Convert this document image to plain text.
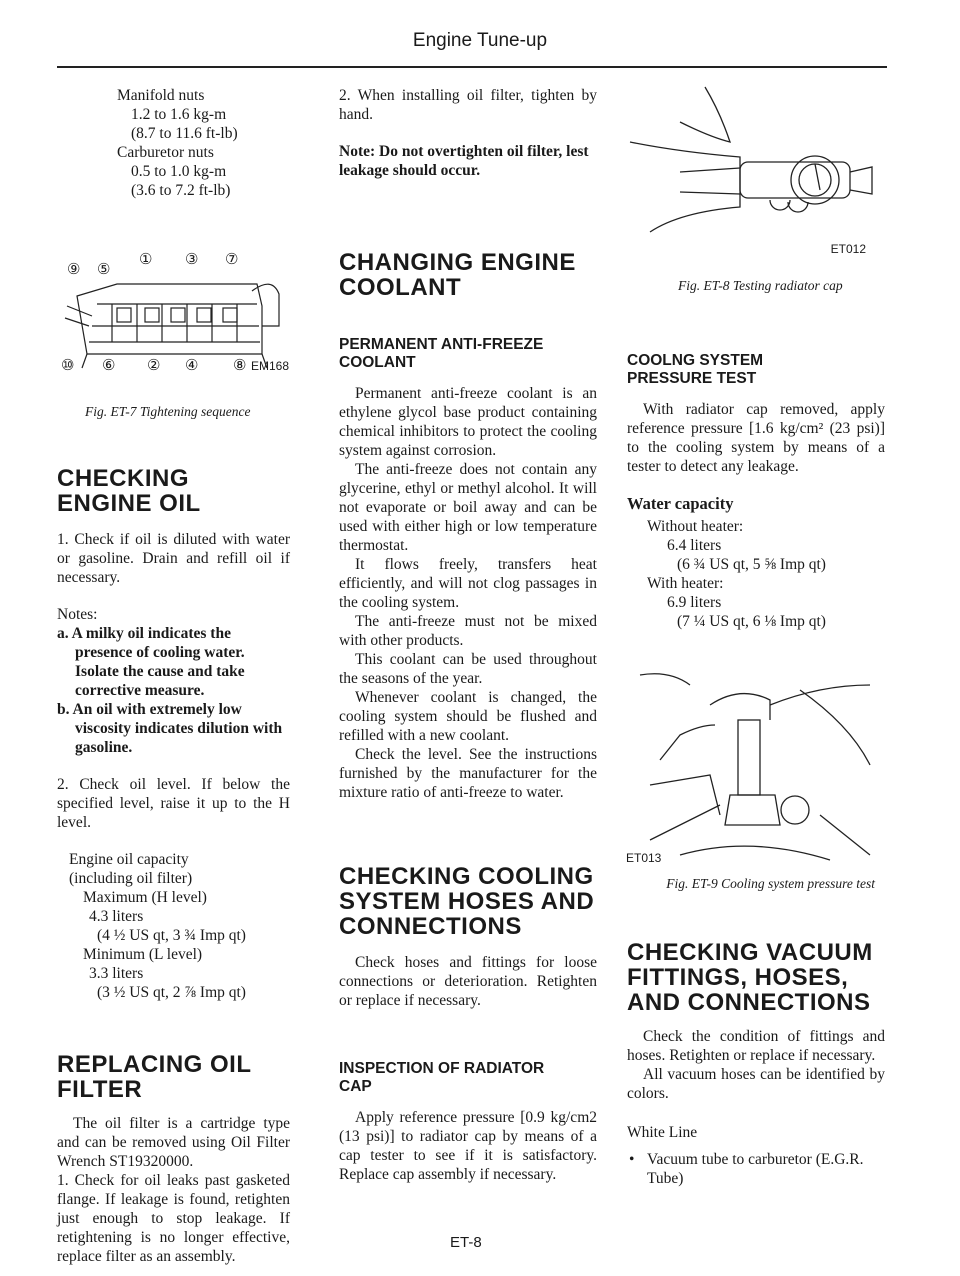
Engine Tune-up
Manifold nuts
1.2 to 1.6 kg-m
(8.7 to 11.6 ft-lb)
Carburetor nuts
0.5 to 1.0 kg-m
(3.6 to 7.2 ft-lb)
⑨ ⑤
① ③ ⑦
⑩ ⑥ ② ④ ⑧ EM168
Fig. ET-7 Tightening sequence
CHECKING ENGINE OIL

1. Check if oil is diluted with water or gasoline. Drain and refill oil if necessary.

Notes:

a. A milky oil indicates the presence of cooling water. Isolate the cause and take corrective measure.

b. An oil with extremely low viscosity indicates dilution with gasoline.

2. Check oil level. If below the specified level, raise it up to the H level.

Engine oil capacity
(including oil filter)
Maximum (H level)
4.3 liters
(4 ½ US qt, 3 ¾ Imp qt)
Minimum (L level)
3.3 liters
(3 ½ US qt, 2 ⅞ Imp qt)
REPLACING OIL FILTER

The oil filter is a cartridge type and can be removed using Oil Filter Wrench ST19320000.

1. Check for oil leaks past gasketed flange. If leakage is found, retighten just enough to stop leakage. If retightening is no longer effective, replace filter as an assembly.

2. When installing oil filter, tighten by hand.

Note: Do not overtighten oil filter, lest leakage should occur.

CHANGING ENGINE COOLANT
PERMANENT ANTI-FREEZE COOLANT

Permanent anti-freeze coolant is an ethylene glycol base product containing chemical inhibitors to protect the cooling system against corrosion.

The anti-freeze does not contain any glycerine, ethyl or methyl alcohol. It will not evaporate or boil away and can be used with either high or low temperature thermostat.

It flows freely, transfers heat efficiently, and will not clog passages in the cooling system.

The anti-freeze must not be mixed with other products.

This coolant can be used throughout the seasons of the year.

Whenever coolant is changed, the cooling system should be flushed and refilled with a new coolant.

Check the level. See the instructions furnished by the manufacturer for the mixture ratio of anti-freeze to water.

CHECKING COOLING SYSTEM HOSES AND CONNECTIONS

Check hoses and fittings for loose connections or deterioration. Retighten or replace if necessary.

INSPECTION OF RADIATOR CAP

Apply reference pressure [0.9 kg/cm2 (13 psi)] to radiator cap by means of a cap tester to see if it is satisfactory. Replace cap assembly if necessary.

ET-8
ET012
Fig. ET-8 Testing radiator cap
COOLNG SYSTEM PRESSURE TEST

With radiator cap removed, apply reference pressure [1.6 kg/cm² (23 psi)] to the cooling system by means of a tester to detect any leakage.

Water capacity

Without heater:
6.4 liters
(6 ¾ US qt, 5 ⅝ Imp qt)
With heater:
6.9 liters
(7 ¼ US qt, 6 ⅛ Imp qt)
ET013
Fig. ET-9 Cooling system pressure test
CHECKING VACUUM FITTINGS, HOSES, AND CONNECTIONS

Check the condition of fittings and hoses. Retighten or replace if necessary.

All vacuum hoses can be identified by colors.

White Line

• Vacuum tube to carburetor (E.G.R. Tube)
